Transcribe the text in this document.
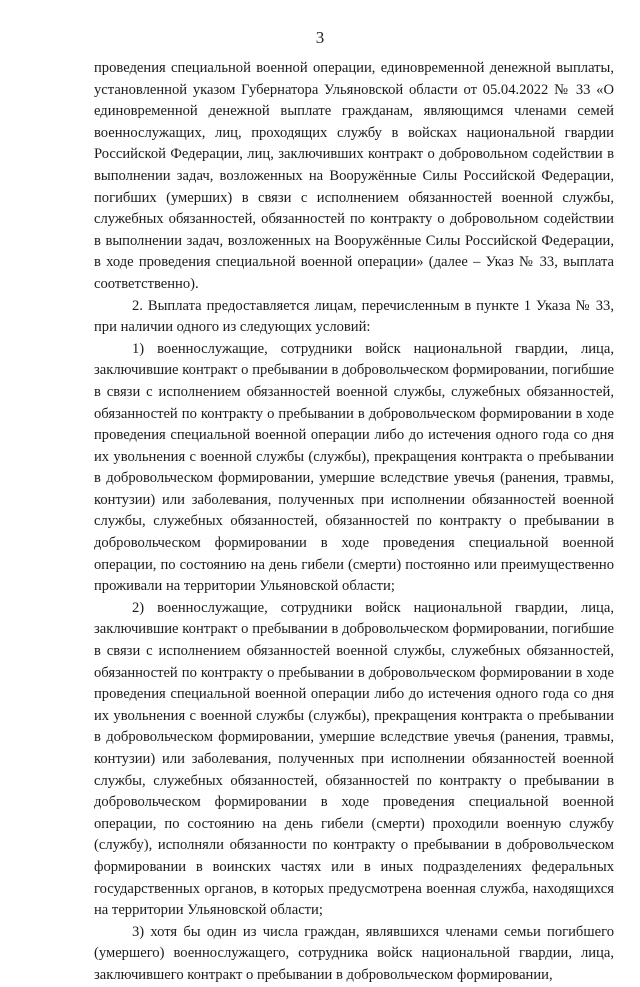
3

проведения специальной военной операции, единовременной денежной выплаты, установленной указом Губернатора Ульяновской области от 05.04.2022 № 33 «О единовременной денежной выплате гражданам, являющимся членами семей военнослужащих, лиц, проходящих службу в войсках национальной гвардии Российской Федерации, лиц, заключивших контракт о добровольном содействии в выполнении задач, возложенных на Вооружённые Силы Российской Федерации, погибших (умерших) в связи с исполнением обязанностей военной службы, служебных обязанностей, обязанностей по контракту о добровольном содействии в выполнении задач, возложенных на Вооружённые Силы Российской Федерации, в ходе проведения специальной военной операции» (далее – Указ № 33, выплата соответственно).

2. Выплата предоставляется лицам, перечисленным в пункте 1 Указа № 33, при наличии одного из следующих условий:

1) военнослужащие, сотрудники войск национальной гвардии, лица, заключившие контракт о пребывании в добровольческом формировании, погибшие в связи с исполнением обязанностей военной службы, служебных обязанностей, обязанностей по контракту о пребывании в добровольческом формировании в ходе проведения специальной военной операции либо до истечения одного года со дня их увольнения с военной службы (службы), прекращения контракта о пребывании в добровольческом формировании, умершие вследствие увечья (ранения, травмы, контузии) или заболевания, полученных при исполнении обязанностей военной службы, служебных обязанностей, обязанностей по контракту о пребывании в добровольческом формировании в ходе проведения специальной военной операции, по состоянию на день гибели (смерти) постоянно или преимущественно проживали на территории Ульяновской области;

2) военнослужащие, сотрудники войск национальной гвардии, лица, заключившие контракт о пребывании в добровольческом формировании, погибшие в связи с исполнением обязанностей военной службы, служебных обязанностей, обязанностей по контракту о пребывании в добровольческом формировании в ходе проведения специальной военной операции либо до истечения одного года со дня их увольнения с военной службы (службы), прекращения контракта о пребывании в добровольческом формировании, умершие вследствие увечья (ранения, травмы, контузии) или заболевания, полученных при исполнении обязанностей военной службы, служебных обязанностей, обязанностей по контракту о пребывании в добровольческом формировании в ходе проведения специальной военной операции, по состоянию на день гибели (смерти) проходили военную службу (службу), исполняли обязанности по контракту о пребывании в добровольческом формировании в воинских частях или в иных подразделениях федеральных государственных органов, в которых предусмотрена военная служба, находящихся на территории Ульяновской области;

3) хотя бы один из числа граждан, являвшихся членами семьи погибшего (умершего) военнослужащего, сотрудника войск национальной гвардии, лица, заключившего контракт о пребывании в добровольческом формировании,
